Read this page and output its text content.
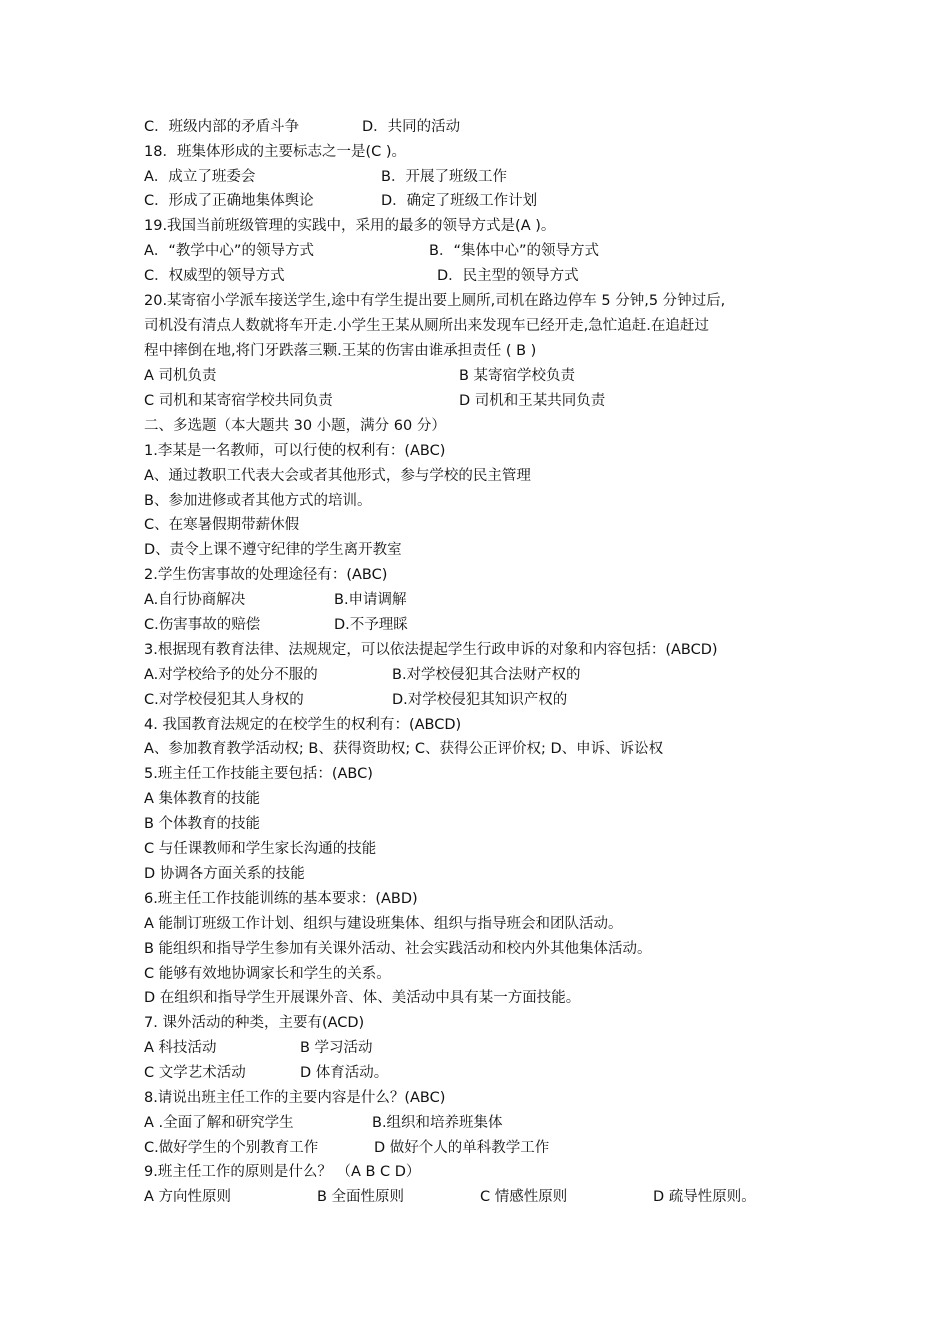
C．班级内部的矛盾斗争	D．共同的活动
18．班集体形成的主要标志之一是(C )。
A．成立了班委会	B．开展了班级工作
C．形成了正确地集体舆论	D．确定了班级工作计划
19.我国当前班级管理的实践中，采用的最多的领导方式是(A )。
A．“教学中心”的领导方式	B．“集体中心”的领导方式
C．权威型的领导方式	D．民主型的领导方式
20.某寄宿小学派车接送学生,途中有学生提出要上厕所,司机在路边停车 5 分钟,5 分钟过后,
司机没有清点人数就将车开走.小学生王某从厕所出来发现车已经开走,急忙追赶.在追赶过
程中摔倒在地,将门牙跌落三颗.王某的伤害由谁承担责任 ( B )
A 司机负责	B 某寄宿学校负责
C 司机和某寄宿学校共同负责	D 司机和王某共同负责
二、多选题（本大题共 30 小题，满分 60 分）
1.李某是一名教师，可以行使的权利有：(ABC)
A、通过教职工代表大会或者其他形式，参与学校的民主管理
B、参加进修或者其他方式的培训。
C、在寒暑假期带薪休假
D、责令上课不遵守纪律的学生离开教室
2.学生伤害事故的处理途径有：(ABC)
A.自行协商解决	B.申请调解
C.伤害事故的赔偿	D.不予理睬
3.根据现有教育法律、法规规定，可以依法提起学生行政申诉的对象和内容包括：(ABCD)
A.对学校给予的处分不服的	B.对学校侵犯其合法财产权的
C.对学校侵犯其人身权的	D.对学校侵犯其知识产权的
4. 我国教育法规定的在校学生的权利有：(ABCD)
A、参加教育教学活动权; B、获得资助权; C、获得公正评价权; D、申诉、诉讼权
5.班主任工作技能主要包括：(ABC)
A 集体教育的技能
B 个体教育的技能
C 与任课教师和学生家长沟通的技能
D 协调各方面关系的技能
6.班主任工作技能训练的基本要求：(ABD)
A 能制订班级工作计划、组织与建设班集体、组织与指导班会和团队活动。
B 能组织和指导学生参加有关课外活动、社会实践活动和校内外其他集体活动。
C 能够有效地协调家长和学生的关系。
D 在组织和指导学生开展课外音、体、美活动中具有某一方面技能。
7. 课外活动的种类，主要有(ACD)
A 科技活动	B 学习活动
C 文学艺术活动	D 体育活动。
8.请说出班主任工作的主要内容是什么？(ABC)
A .全面了解和研究学生	B.组织和培养班集体
C.做好学生的个别教育工作	D 做好个人的单科教学工作
9.班主任工作的原则是什么？ （A B C D）
A 方向性原则	B 全面性原则	C 情感性原则	D 疏导性原则。
